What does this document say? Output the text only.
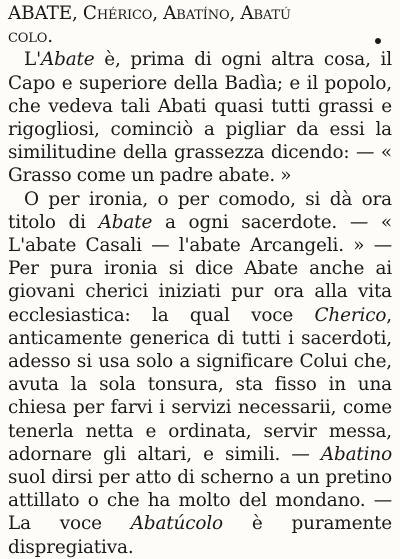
ABATE, Chérico, Abatíno, Abatú
colo.
L'Abate è, prima di ogni altra cosa, il Capo e superiore della Badìa; e il popolo, che vedeva tali Abati quasi tutti grassi e rigogliosi, cominciò a pigliar da essi la similitudine della grassezza dicendo: — « Grasso come un padre abate. »
O per ironia, o per comodo, si dà ora titolo di Abate a ogni sacerdote. — « L'abate Casali — l'abate Arcangeli. » — Per pura ironia si dice Abate anche ai giovani cherici iniziati pur ora alla vita ecclesiastica: la qual voce Cherico, anticamente generica di tutti i sacerdoti, adesso si usa solo a significare Colui che, avuta la sola tonsura, sta fisso in una chiesa per farvi i servizi necessarii, come tenerla netta e ordinata, servir messa, adornare gli altari, e simili. — Abatino suol dirsi per atto di scherno a un pretino attillato o che ha molto del mondano. — La voce Abatúcolo è puramente dispregiativa.
